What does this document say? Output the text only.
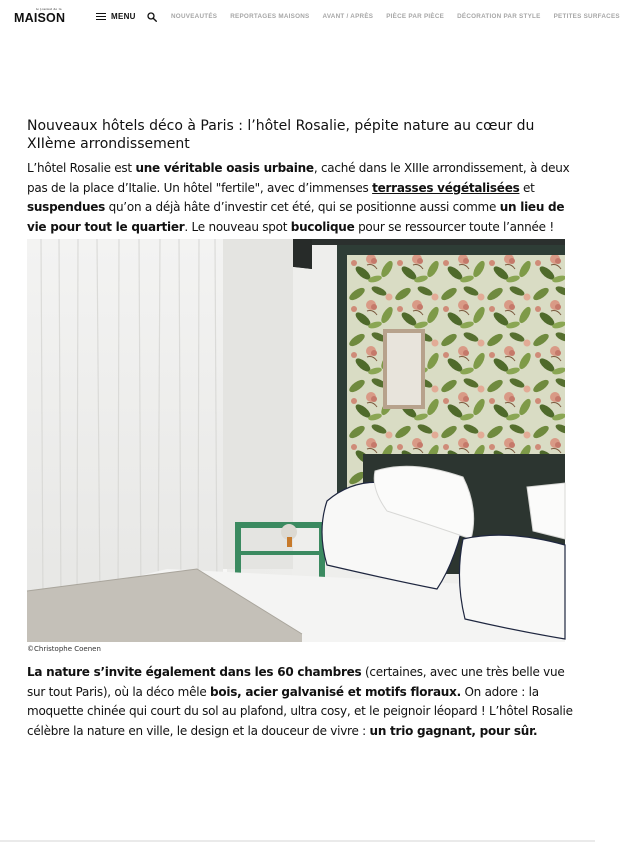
le journal de la
MAISON	MENU	NOUVEAUTÉS REPORTAGES MAISONS AVANT / APRÈS PIÈCE PAR PIÈCE DÉCORATION PAR STYLE PETITES SURFACES
Nouveaux hôtels déco à Paris : l’hôtel Rosalie, pépite nature au cœur du XIIème arrondissement

L’hôtel Rosalie est une véritable oasis urbaine, caché dans le XIIIe arrondissement, à deux pas de la place d’Italie. Un hôtel "fertile", avec d’immenses terrasses végétalisées et suspendues qu’on a déjà hâte d’investir cet été, qui se positionne aussi comme un lieu de vie pour tout le quartier. Le nouveau spot bucolique pour se ressourcer toute l’année !

©Christophe Coenen

La nature s’invite également dans les 60 chambres (certaines, avec une très belle vue sur tout Paris), où la déco mêle bois, acier galvanisé et motifs floraux. On adore : la moquette chinée qui court du sol au plafond, ultra cosy, et le peignoir léopard ! L’hôtel Rosalie célèbre la nature en ville, le design et la douceur de vivre : un trio gagnant, pour sûr.
